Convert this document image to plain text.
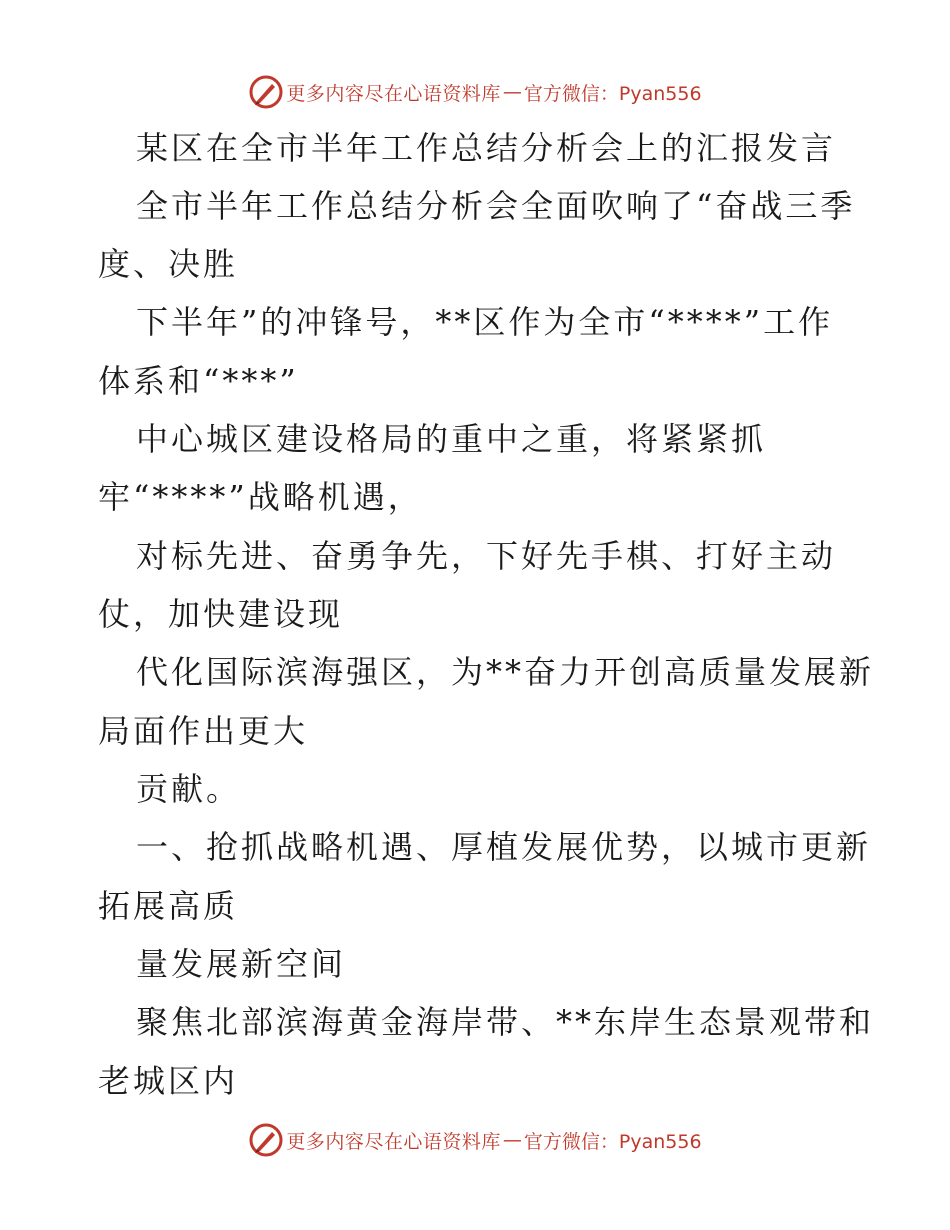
更多内容尽在心语资料库 — 官方微信：Pyan556

某区在全市半年工作总结分析会上的汇报发言

全市半年工作总结分析会全面吹响了“奋战三季

度、决胜

下半年”的冲锋号，**区作为全市“****”工作

体系和“***”

中心城区建设格局的重中之重，将紧紧抓

牢“****”战略机遇，

对标先进、奋勇争先，下好先手棋、打好主动

仗，加快建设现

代化国际滨海强区，为**奋力开创高质量发展新

局面作出更大

贡献。

一、抢抓战略机遇、厚植发展优势，以城市更新

拓展高质

量发展新空间

聚焦北部滨海黄金海岸带、**东岸生态景观带和

老城区内

更多内容尽在心语资料库 — 官方微信：Pyan556
